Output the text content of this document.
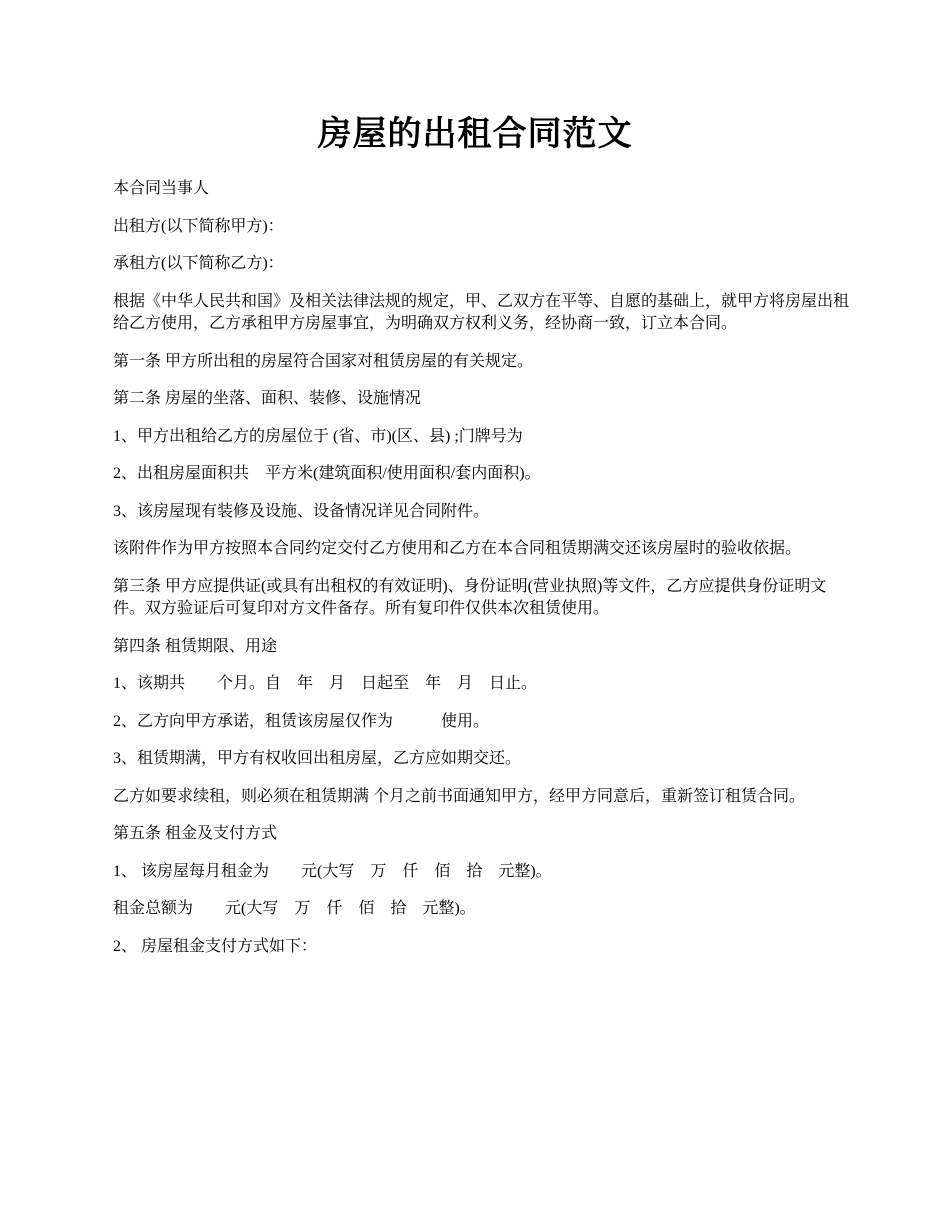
房屋的出租合同范文

本合同当事人

出租方(以下简称甲方)：

承租方(以下简称乙方)：

根据《中华人民共和国》及相关法律法规的规定，甲、乙双方在平等、自愿的基础上，就甲方将房屋出租给乙方使用，乙方承租甲方房屋事宜，为明确双方权利义务，经协商一致，订立本合同。

第一条 甲方所出租的房屋符合国家对租赁房屋的有关规定。

第二条 房屋的坐落、面积、装修、设施情况

1、甲方出租给乙方的房屋位于 (省、市)(区、县) ;门牌号为

2、出租房屋面积共　平方米(建筑面积/使用面积/套内面积)。

3、该房屋现有装修及设施、设备情况详见合同附件。

该附件作为甲方按照本合同约定交付乙方使用和乙方在本合同租赁期满交还该房屋时的验收依据。

第三条 甲方应提供证(或具有出租权的有效证明)、身份证明(营业执照)等文件，乙方应提供身份证明文件。双方验证后可复印对方文件备存。所有复印件仅供本次租赁使用。

第四条 租赁期限、用途

1、该期共　　个月。自　年　月　日起至　年　月　日止。

2、乙方向甲方承诺，租赁该房屋仅作为　　　使用。

3、租赁期满，甲方有权收回出租房屋，乙方应如期交还。

乙方如要求续租，则必须在租赁期满 个月之前书面通知甲方，经甲方同意后，重新签订租赁合同。

第五条 租金及支付方式

1、 该房屋每月租金为　　元(大写　万　仟　佰　拾　元整)。

租金总额为　　元(大写　万　仟　佰　拾　元整)。

2、 房屋租金支付方式如下：
